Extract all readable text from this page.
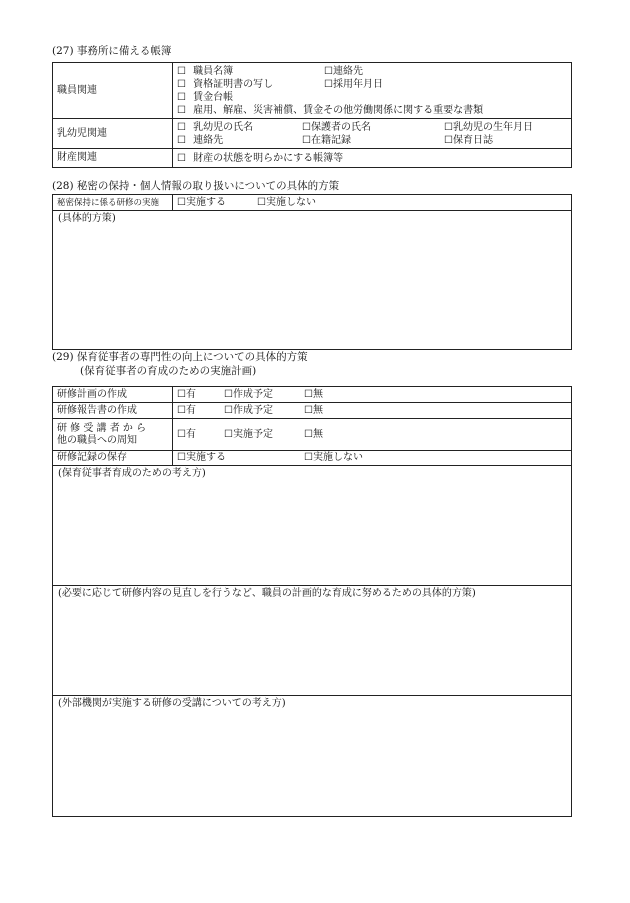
(27) 事務所に備える帳簿
職員関連	☐ 職員名簿 ☐連絡先
☐ 資格証明書の写し ☐採用年月日
☐ 賃金台帳
☐ 雇用、解雇、災害補償、賃金その他労働関係に関する重要な書類

乳幼児関連	☐ 乳幼児の氏名 ☐保護者の氏名 ☐乳幼児の生年月日
☐ 連絡先 ☐在籍記録 ☐保育日誌

財産関連	☐ 財産の状態を明らかにする帳簿等
(28) 秘密の保持・個人情報の取り扱いについての具体的方策
秘密保持に係る研修の実施	☐実施する	☐実施しない
(具体的方策)
(29) 保育従事者の専門性の向上についての具体的方策
(保育従事者の育成のための実施計画)
研修計画の作成	☐有 ☐作成予定 ☐無
研修報告書の作成	☐有 ☐作成予定 ☐無

研 修 受 講 者 か ら
他の職員への周知	☐有 ☐実施予定 ☐無
研修記録の保存	☐実施する ☐実施しない
(保育従事者育成のための考え方)	
(必要に応じて研修内容の見直しを行うなど、職員の計画的な育成に努めるための具体的方策)	
(外部機関が実施する研修の受講についての考え方)	
